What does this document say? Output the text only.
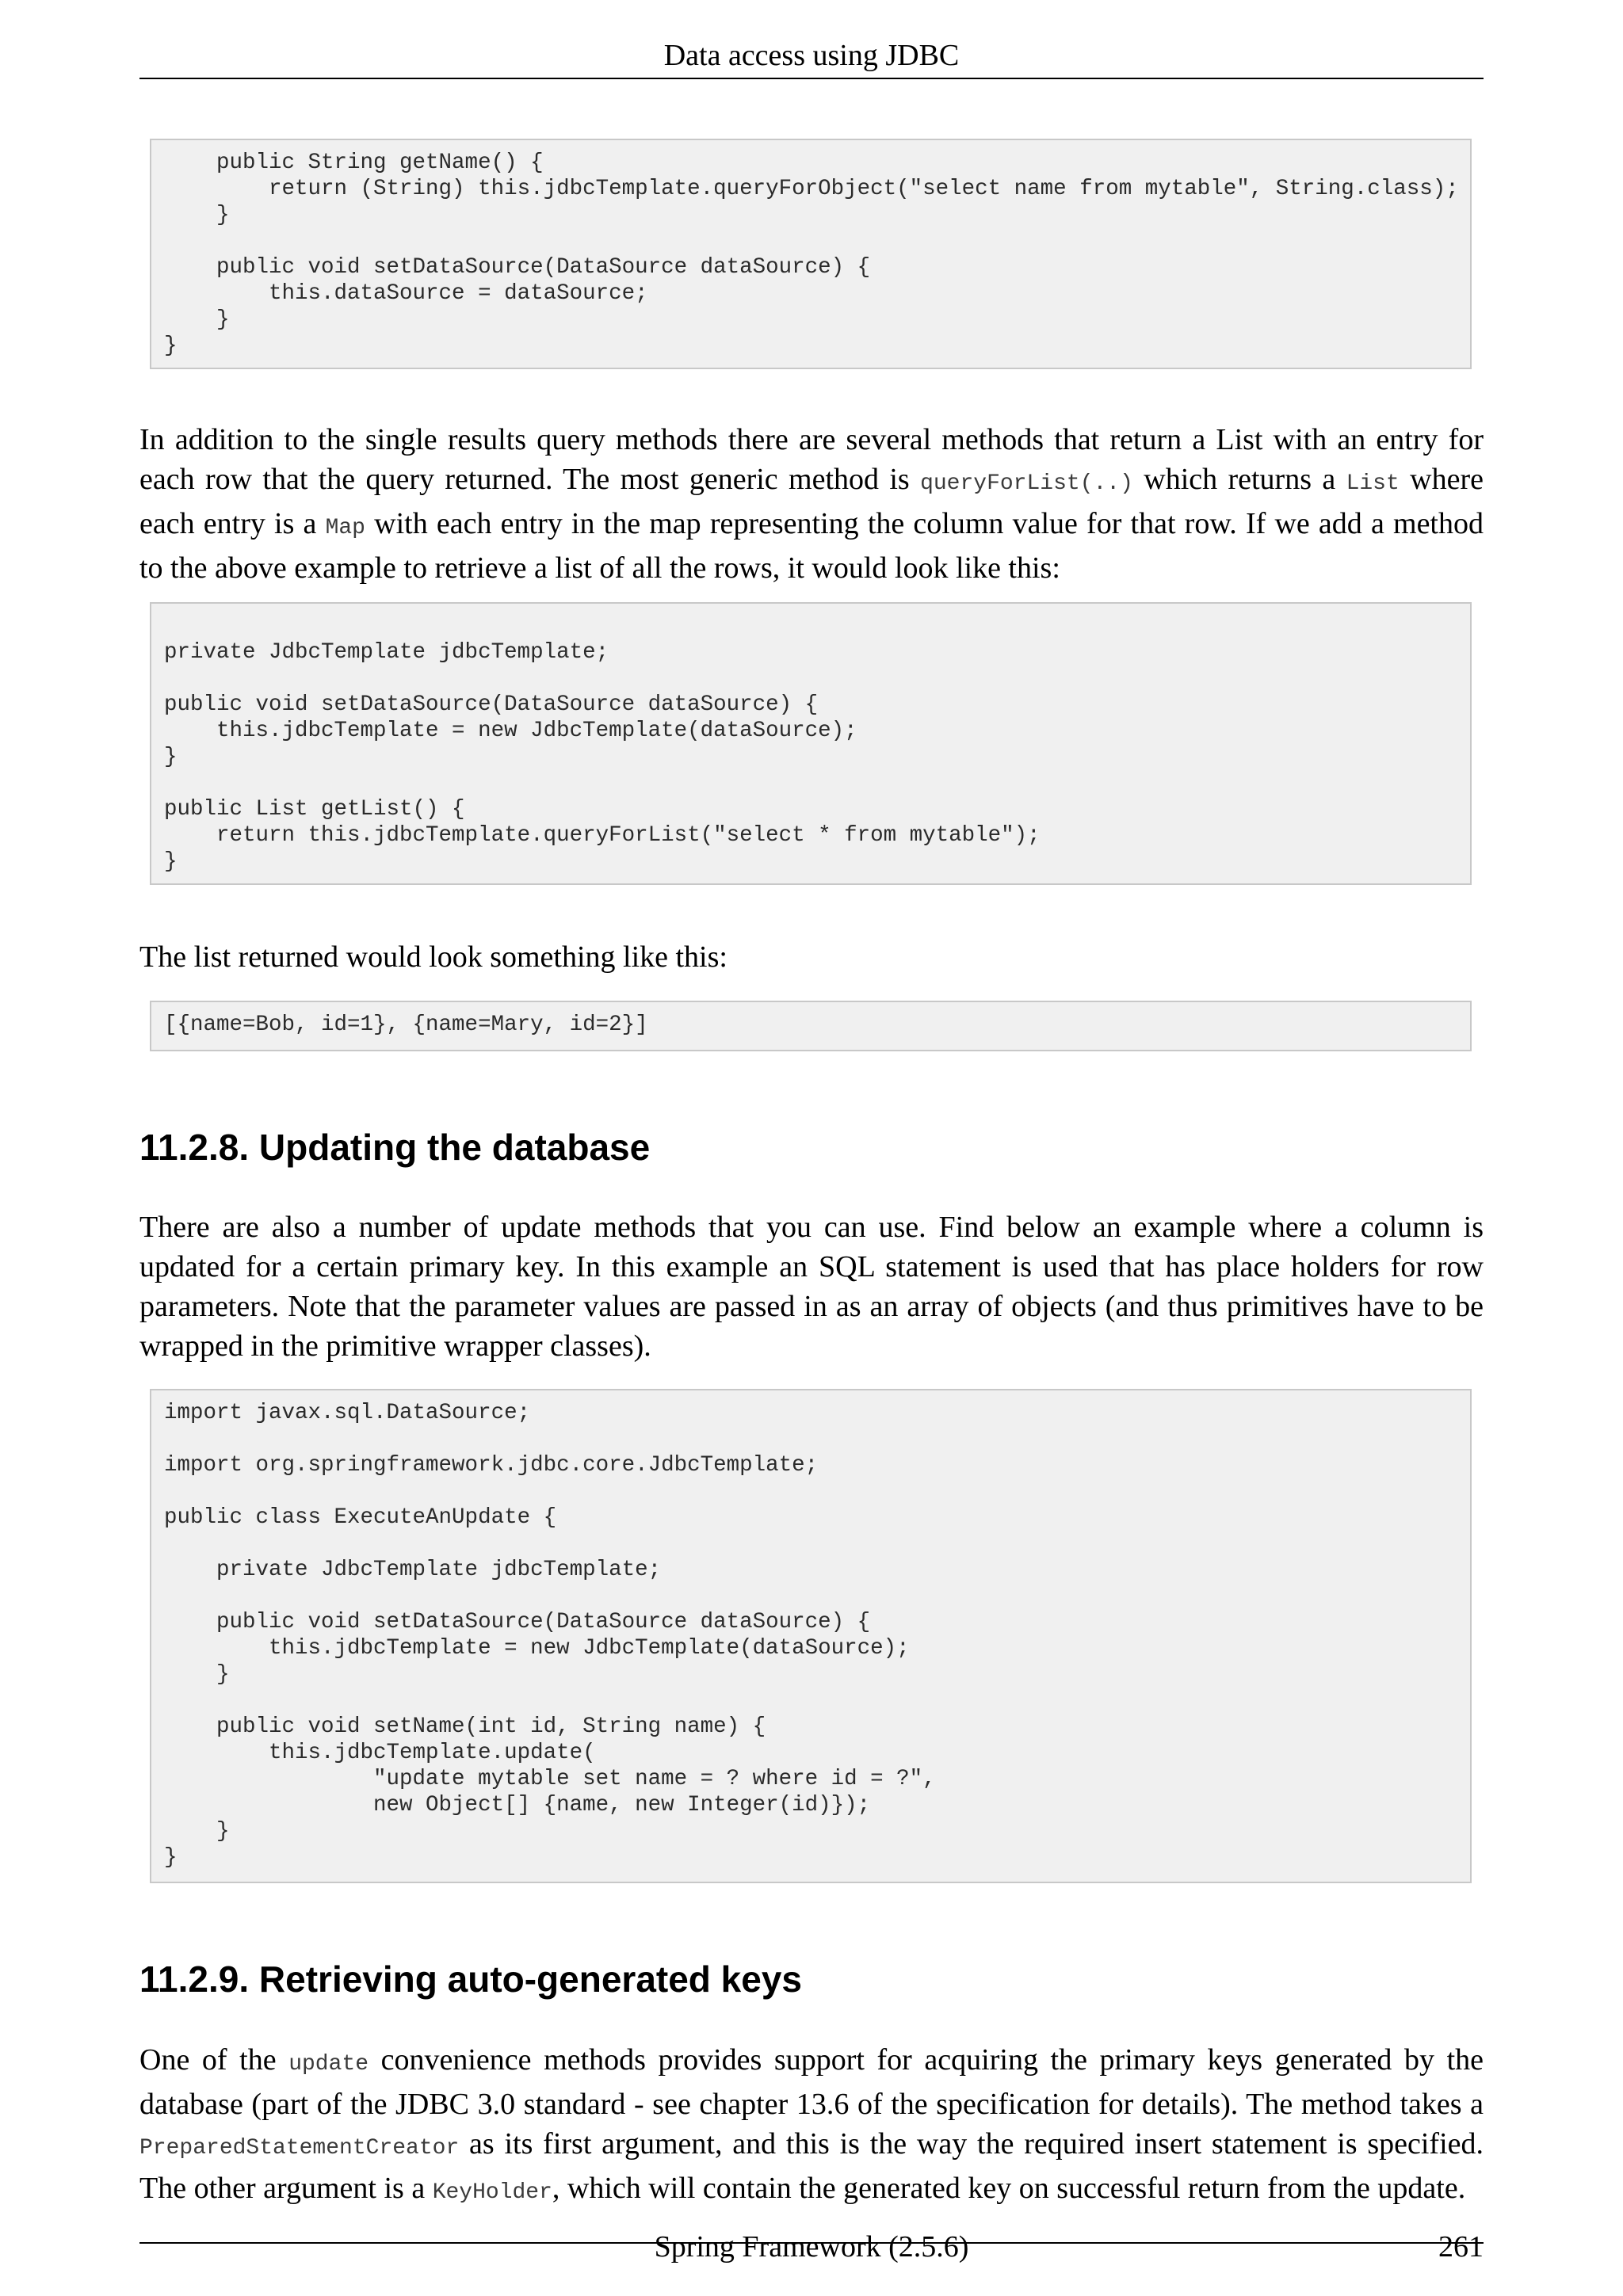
Data access using JDBC
public String getName() {
return (String) this.jdbcTemplate.queryForObject("select name from mytable", String.class);
}

public void setDataSource(DataSource dataSource) {
this.dataSource = dataSource;
}
}

In addition to the single results query methods there are several methods that return a List with an entry for each row that the query returned. The most generic method is queryForList(..) which returns a List where each entry is a Map with each entry in the map representing the column value for that row. If we add a method to the above example to retrieve a list of all the rows, it would look like this:

private JdbcTemplate jdbcTemplate;

public void setDataSource(DataSource dataSource) {
this.jdbcTemplate = new JdbcTemplate(dataSource);
}

public List getList() {
return this.jdbcTemplate.queryForList("select * from mytable");
}

The list returned would look something like this:

[{name=Bob, id=1}, {name=Mary, id=2}]
11.2.8. Updating the database

There are also a number of update methods that you can use. Find below an example where a column is updated for a certain primary key. In this example an SQL statement is used that has place holders for row parameters. Note that the parameter values are passed in as an array of objects (and thus primitives have to be wrapped in the primitive wrapper classes).

import javax.sql.DataSource;

import org.springframework.jdbc.core.JdbcTemplate;

public class ExecuteAnUpdate {

private JdbcTemplate jdbcTemplate;

public void setDataSource(DataSource dataSource) {
this.jdbcTemplate = new JdbcTemplate(dataSource);
}

public void setName(int id, String name) {
this.jdbcTemplate.update(
"update mytable set name = ? where id = ?",
new Object[] {name, new Integer(id)});
}
}
11.2.9. Retrieving auto-generated keys

One of the update convenience methods provides support for acquiring the primary keys generated by the database (part of the JDBC 3.0 standard - see chapter 13.6 of the specification for details). The method takes a PreparedStatementCreator as its first argument, and this is the way the required insert statement is specified. The other argument is a KeyHolder, which will contain the generated key on successful return from the update.

Spring Framework (2.5.6)	261
